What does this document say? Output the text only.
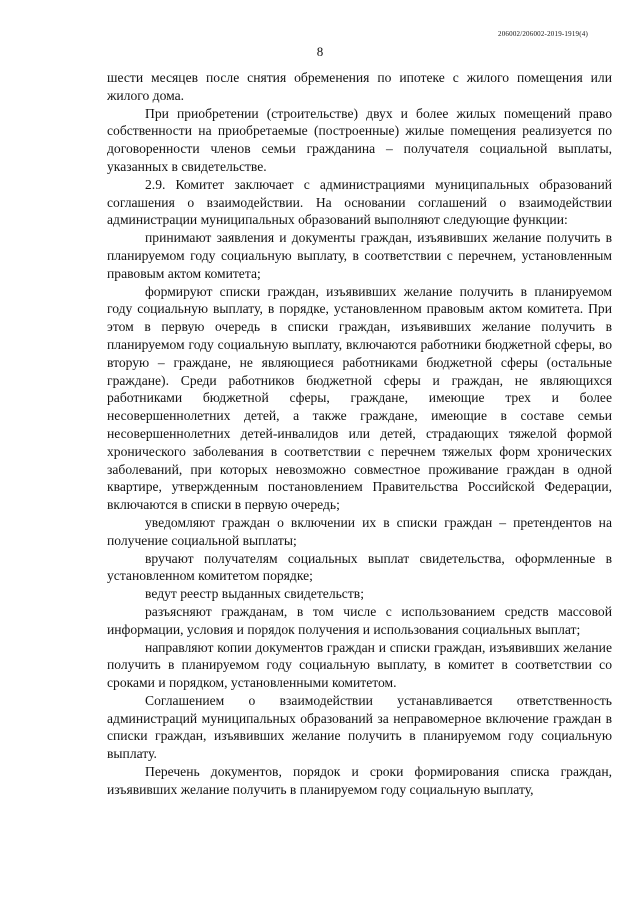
206002/206002-2019-1919(4)
8

шести месяцев после снятия обременения по ипотеке с жилого помещения или жилого дома.

При приобретении (строительстве) двух и более жилых помещений право собственности на приобретаемые (построенные) жилые помещения реализуется по договоренности членов семьи гражданина – получателя социальной выплаты, указанных в свидетельстве.

2.9. Комитет заключает с администрациями муниципальных образований соглашения о взаимодействии. На основании соглашений о взаимодействии администрации муниципальных образований выполняют следующие функции:

принимают заявления и документы граждан, изъявивших желание получить в планируемом году социальную выплату, в соответствии с перечнем, установленным правовым актом комитета;

формируют списки граждан, изъявивших желание получить в планируемом году социальную выплату, в порядке, установленном правовым актом комитета. При этом в первую очередь в списки граждан, изъявивших желание получить в планируемом году социальную выплату, включаются работники бюджетной сферы, во вторую – граждане, не являющиеся работниками бюджетной сферы (остальные граждане). Среди работников бюджетной сферы и граждан, не являющихся работниками бюджетной сферы, граждане, имеющие трех и более несовершеннолетних детей, а также граждане, имеющие в составе семьи несовершеннолетних детей-инвалидов или детей, страдающих тяжелой формой хронического заболевания в соответствии с перечнем тяжелых форм хронических заболеваний, при которых невозможно совместное проживание граждан в одной квартире, утвержденным постановлением Правительства Российской Федерации, включаются в списки в первую очередь;

уведомляют граждан о включении их в списки граждан – претендентов на получение социальной выплаты;

вручают получателям социальных выплат свидетельства, оформленные в установленном комитетом порядке;

ведут реестр выданных свидетельств;

разъясняют гражданам, в том числе с использованием средств массовой информации, условия и порядок получения и использования социальных выплат;

направляют копии документов граждан и списки граждан, изъявивших желание получить в планируемом году социальную выплату, в комитет в соответствии со сроками и порядком, установленными комитетом.

Соглашением о взаимодействии устанавливается ответственность администраций муниципальных образований за неправомерное включение граждан в списки граждан, изъявивших желание получить в планируемом году социальную выплату.

Перечень документов, порядок и сроки формирования списка граждан, изъявивших желание получить в планируемом году социальную выплату,
